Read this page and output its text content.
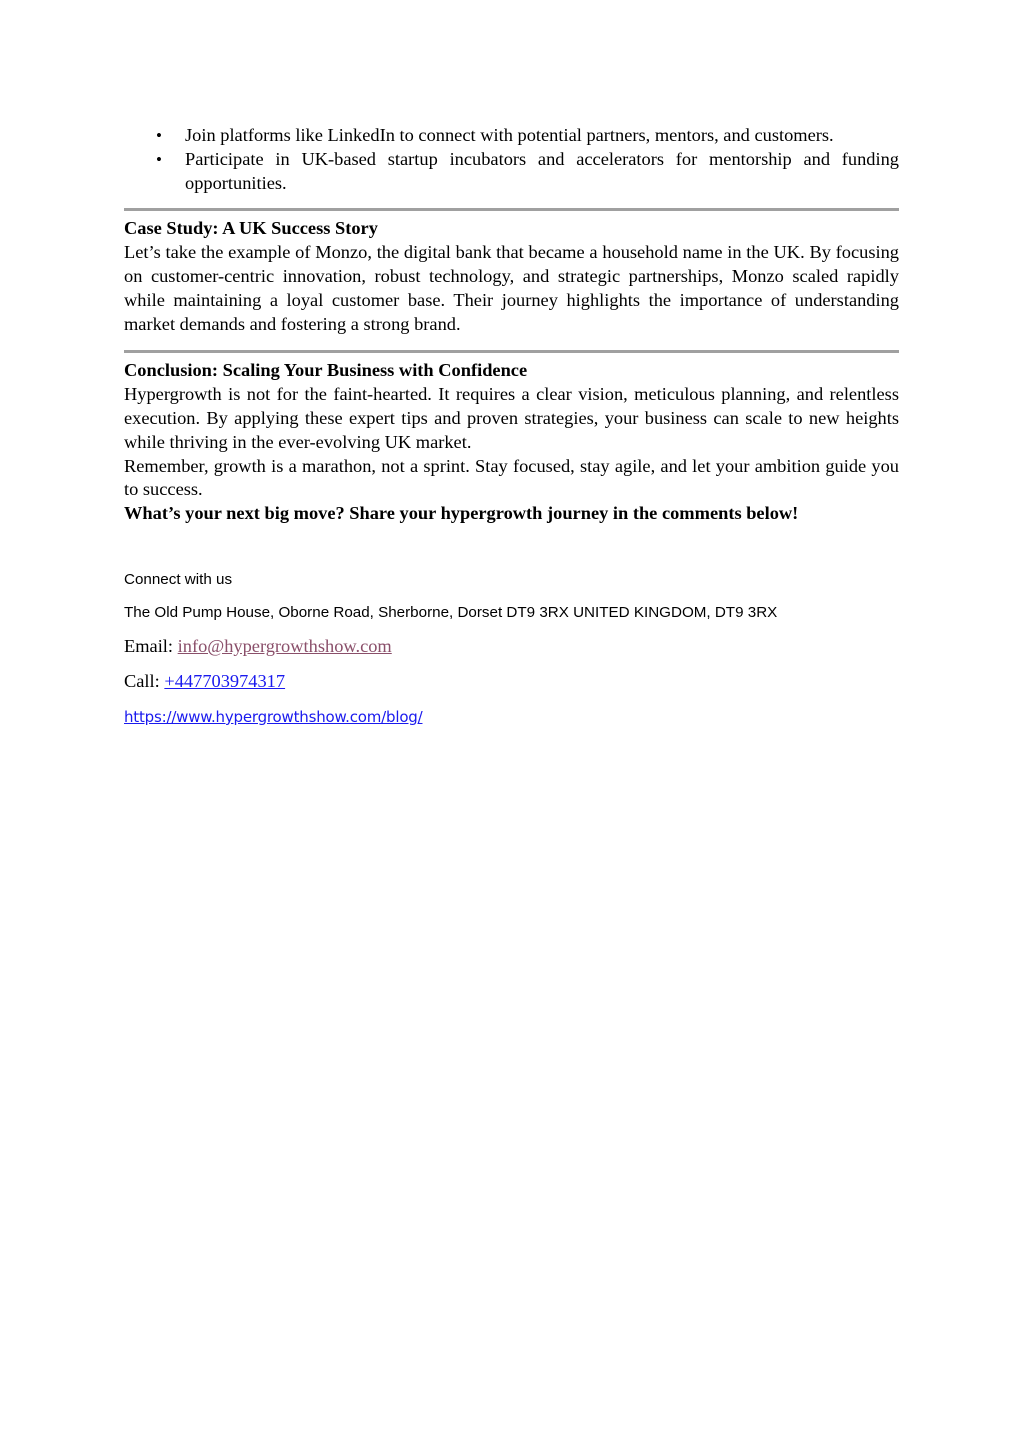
• Join platforms like LinkedIn to connect with potential partners, mentors, and customers.
• Participate in UK-based startup incubators and accelerators for mentorship and funding opportunities.
Case Study: A UK Success Story

Let’s take the example of Monzo, the digital bank that became a household name in the UK. By focusing on customer-centric innovation, robust technology, and strategic partnerships, Monzo scaled rapidly while maintaining a loyal customer base. Their journey highlights the importance of understanding market demands and fostering a strong brand.

Conclusion: Scaling Your Business with Confidence

Hypergrowth is not for the faint-hearted. It requires a clear vision, meticulous planning, and relentless execution. By applying these expert tips and proven strategies, your business can scale to new heights while thriving in the ever-evolving UK market.

Remember, growth is a marathon, not a sprint. Stay focused, stay agile, and let your ambition guide you to success.

What’s your next big move? Share your hypergrowth journey in the comments below!

Connect with us
The Old Pump House, Oborne Road, Sherborne, Dorset DT9 3RX UNITED KINGDOM, DT9 3RX
Email: info@hypergrowthshow.com
Call: +447703974317
https://www.hypergrowthshow.com/blog/
